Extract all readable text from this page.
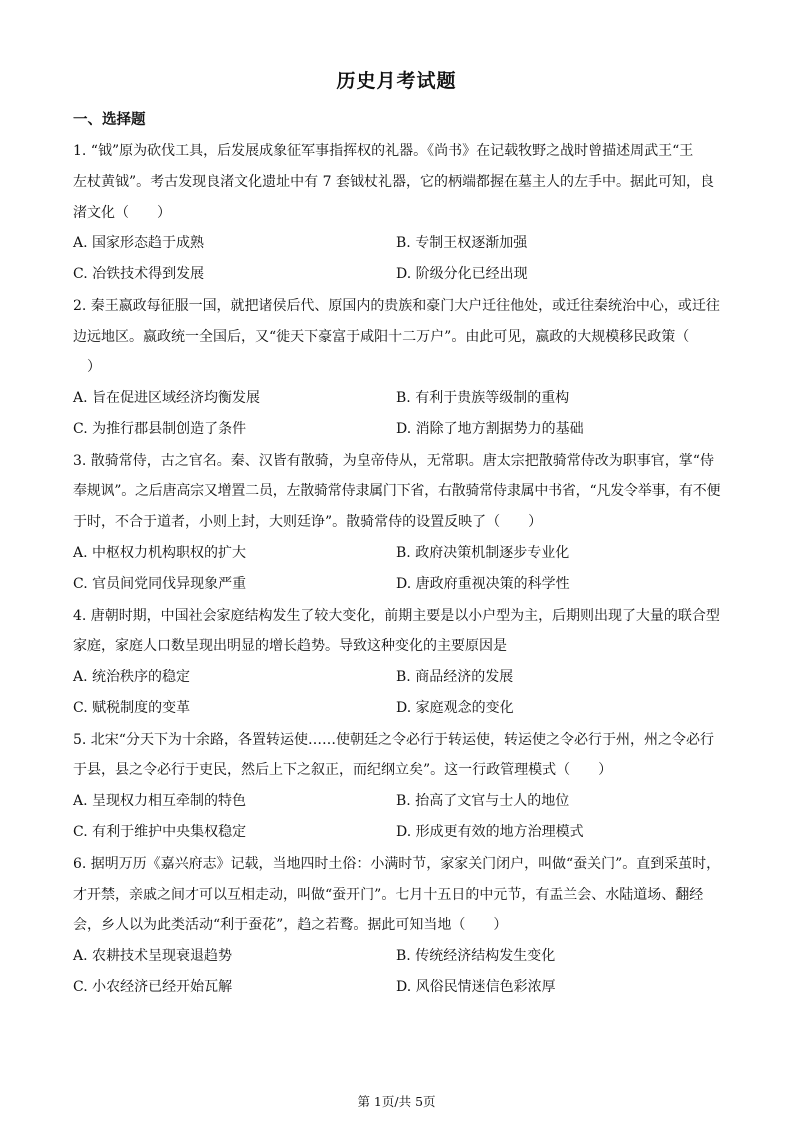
历史月考试题
一、选择题
1. “钺”原为砍伐工具，后发展成象征军事指挥权的礼器。《尚书》在记载牧野之战时曾描述周武王“王
左杖黄钺”。考古发现良渚文化遗址中有 7 套钺杖礼器，它的柄端都握在墓主人的左手中。据此可知，良
渚文化（　　）
A. 国家形态趋于成熟	B. 专制王权逐渐加强
C. 冶铁技术得到发展	D. 阶级分化已经出现
2. 秦王嬴政每征服一国，就把诸侯后代、原国内的贵族和豪门大户迁往他处，或迁往秦统治中心，或迁往
边远地区。嬴政统一全国后，又“徙天下豪富于咸阳十二万户”。由此可见，嬴政的大规模移民政策（
　）
A. 旨在促进区域经济均衡发展	B. 有利于贵族等级制的重构
C. 为推行郡县制创造了条件	D. 消除了地方割据势力的基础
3. 散骑常侍，古之官名。秦、汉皆有散骑，为皇帝侍从，无常职。唐太宗把散骑常侍改为职事官，掌“侍
奉规讽”。之后唐高宗又增置二员，左散骑常侍隶属门下省，右散骑常侍隶属中书省，“凡发令举事，有不便
于时，不合于道者，小则上封，大则廷诤”。散骑常侍的设置反映了（　　）
A. 中枢权力机构职权的扩大	B. 政府决策机制逐步专业化
C. 官员间党同伐异现象严重	D. 唐政府重视决策的科学性
4. 唐朝时期，中国社会家庭结构发生了较大变化，前期主要是以小户型为主，后期则出现了大量的联合型
家庭，家庭人口数呈现出明显的增长趋势。导致这种变化的主要原因是
A. 统治秩序的稳定	B. 商品经济的发展
C. 赋税制度的变革	D. 家庭观念的变化
5. 北宋“分天下为十余路，各置转运使……使朝廷之令必行于转运使，转运使之令必行于州，州之令必行
于县，县之令必行于吏民，然后上下之叙正，而纪纲立矣”。这一行政管理模式（　　）
A. 呈现权力相互牵制的特色	B. 抬高了文官与士人的地位
C. 有利于维护中央集权稳定	D. 形成更有效的地方治理模式
6. 据明万历《嘉兴府志》记载，当地四时土俗：小满时节，家家关门闭户，叫做“蚕关门”。直到采茧时，
才开禁，亲戚之间才可以互相走动，叫做“蚕开门”。七月十五日的中元节，有盂兰会、水陆道场、翻经
会，乡人以为此类活动“利于蚕花”，趋之若鹜。据此可知当地（　　）
A. 农耕技术呈现衰退趋势	B. 传统经济结构发生变化
C. 小农经济已经开始瓦解	D. 风俗民情迷信色彩浓厚
第 1页/共 5页
